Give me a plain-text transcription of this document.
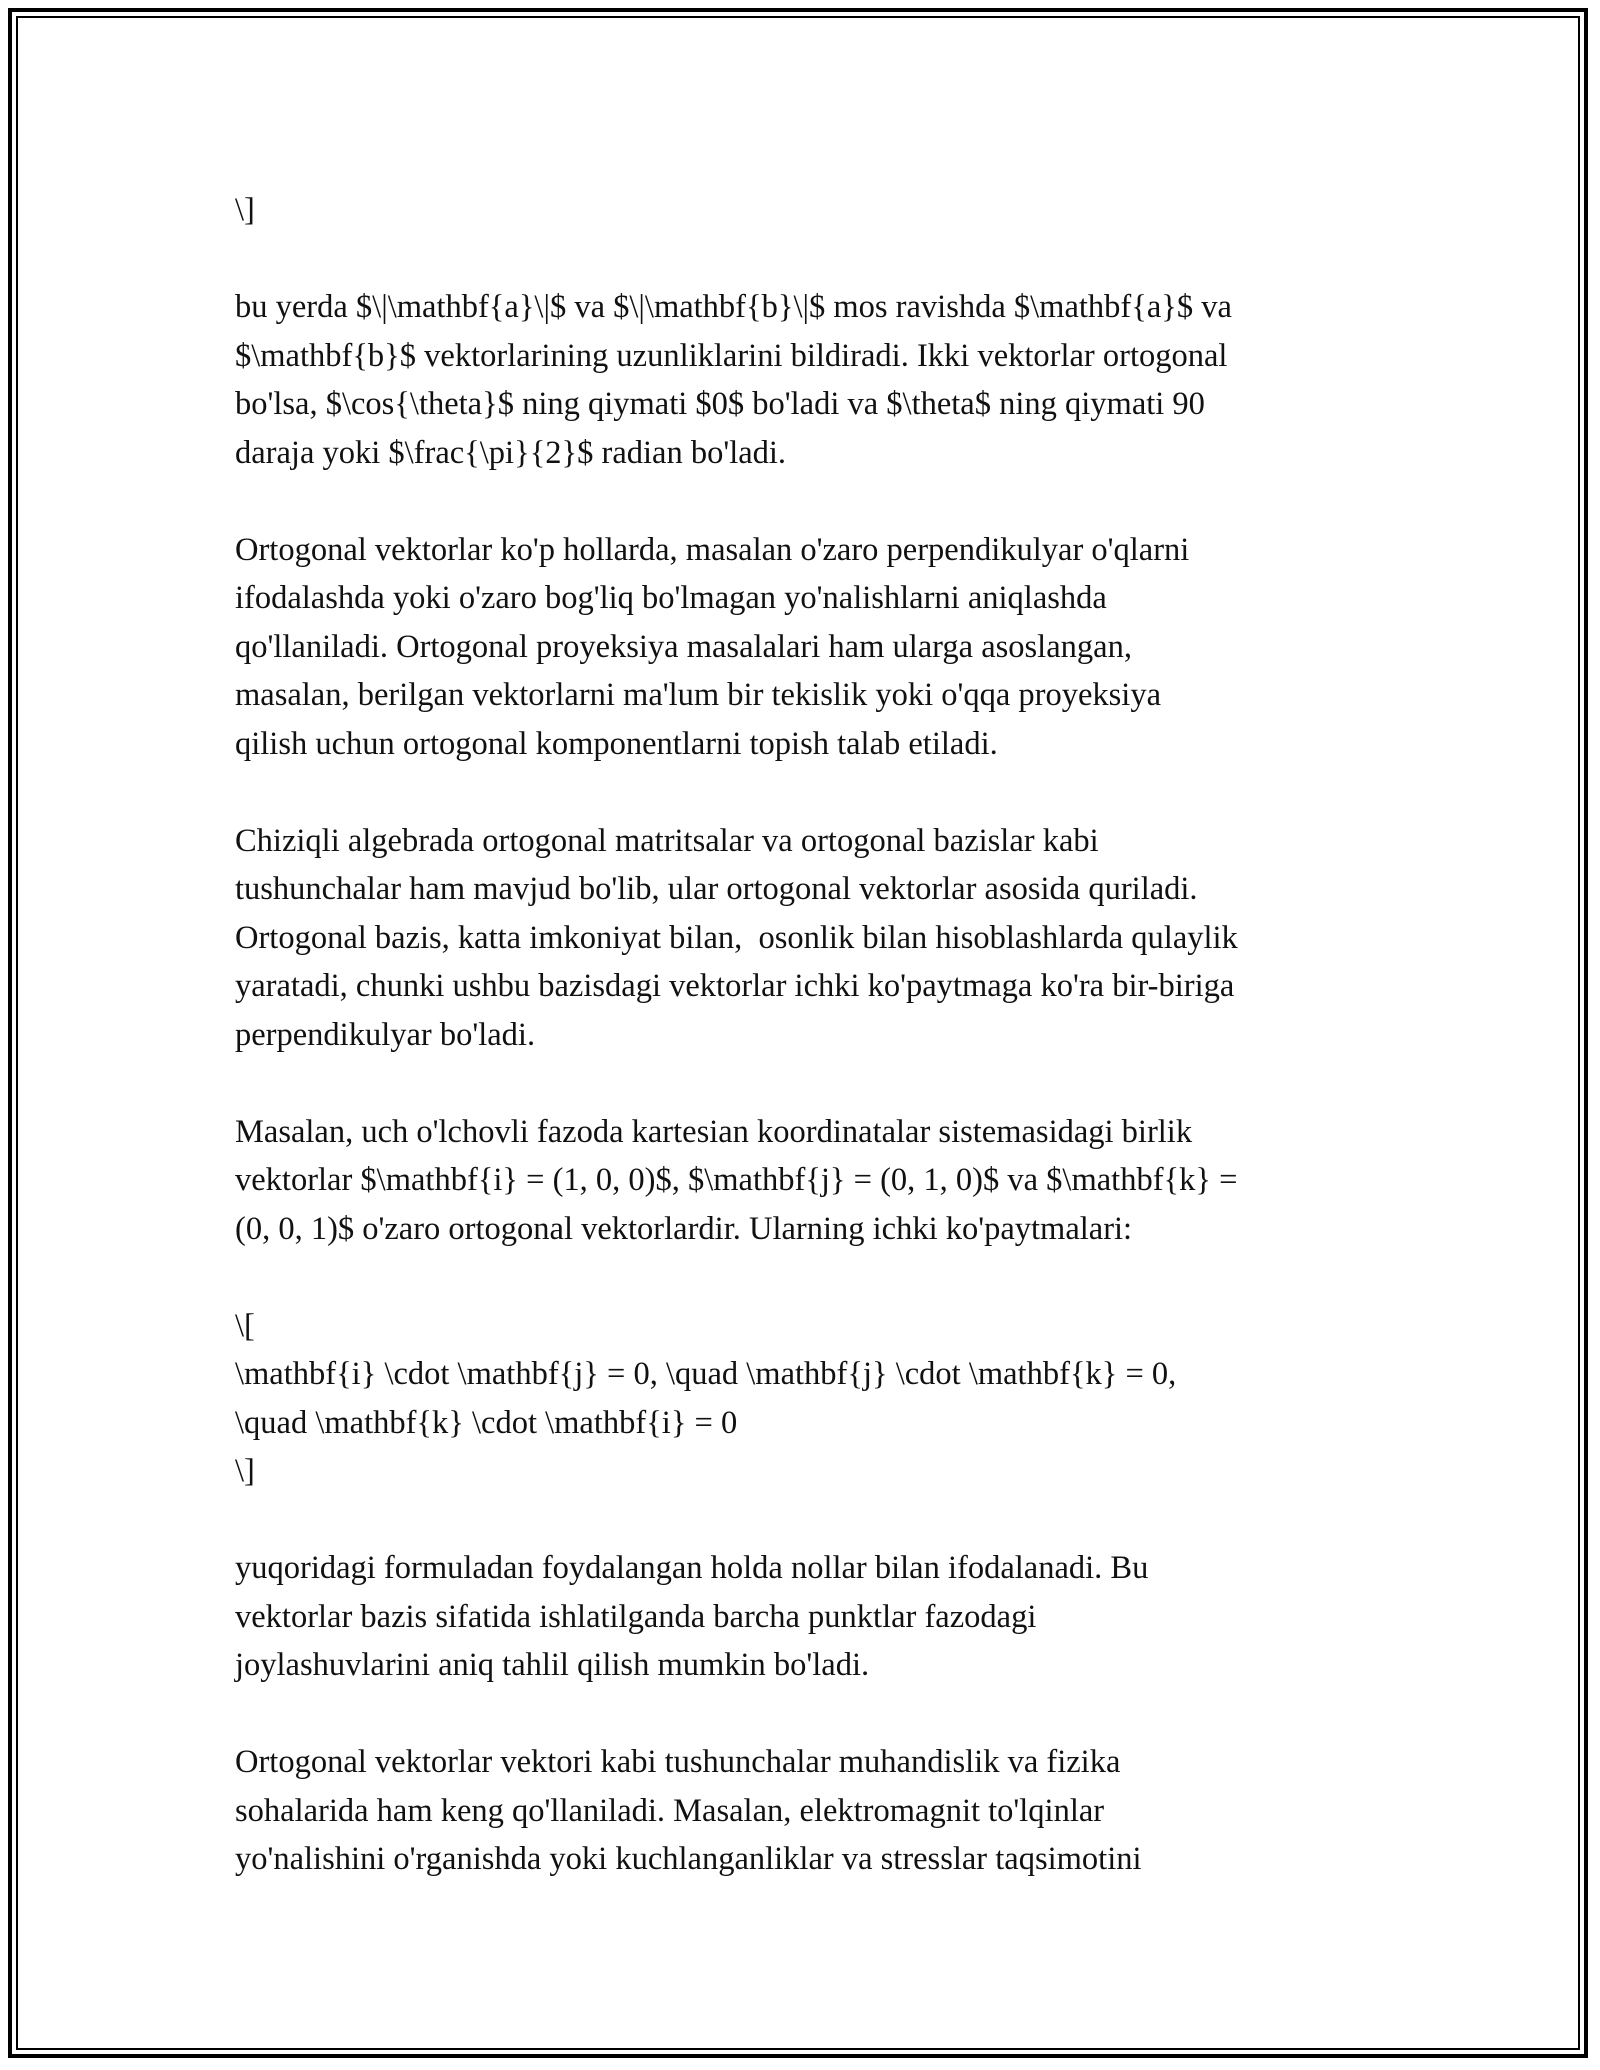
\]
bu yerda $\|\mathbf{a}\|$ va $\|\mathbf{b}\|$ mos ravishda $\mathbf{a}$ va
$\mathbf{b}$ vektorlarining uzunliklarini bildiradi. Ikki vektorlar ortogonal
bo'lsa, $\cos{\theta}$ ning qiymati $0$ bo'ladi va $\theta$ ning qiymati 90
daraja yoki $\frac{\pi}{2}$ radian bo'ladi.
Ortogonal vektorlar ko'p hollarda, masalan o'zaro perpendikulyar o'qlarni
ifodalashda yoki o'zaro bog'liq bo'lmagan yo'nalishlarni aniqlashda
qo'llaniladi. Ortogonal proyeksiya masalalari ham ularga asoslangan,
masalan, berilgan vektorlarni ma'lum bir tekislik yoki o'qqa proyeksiya
qilish uchun ortogonal komponentlarni topish talab etiladi.
Chiziqli algebrada ortogonal matritsalar va ortogonal bazislar kabi
tushunchalar ham mavjud bo'lib, ular ortogonal vektorlar asosida quriladi.
Ortogonal bazis, katta imkoniyat bilan,  osonlik bilan hisoblashlarda qulaylik
yaratadi, chunki ushbu bazisdagi vektorlar ichki ko'paytmaga ko'ra bir-biriga
perpendikulyar bo'ladi.
Masalan, uch o'lchovli fazoda kartesian koordinatalar sistemasidagi birlik
vektorlar $\mathbf{i} = (1, 0, 0)$, $\mathbf{j} = (0, 1, 0)$ va $\mathbf{k} =
(0, 0, 1)$ o'zaro ortogonal vektorlardir. Ularning ichki ko'paytmalari:
\[
\mathbf{i} \cdot \mathbf{j} = 0, \quad \mathbf{j} \cdot \mathbf{k} = 0,
\quad \mathbf{k} \cdot \mathbf{i} = 0
\]
yuqoridagi formuladan foydalangan holda nollar bilan ifodalanadi. Bu
vektorlar bazis sifatida ishlatilganda barcha punktlar fazodagi
joylashuvlarini aniq tahlil qilish mumkin bo'ladi.
Ortogonal vektorlar vektori kabi tushunchalar muhandislik va fizika
sohalarida ham keng qo'llaniladi. Masalan, elektromagnit to'lqinlar
yo'nalishini o'rganishda yoki kuchlanganliklar va stresslar taqsimotini
